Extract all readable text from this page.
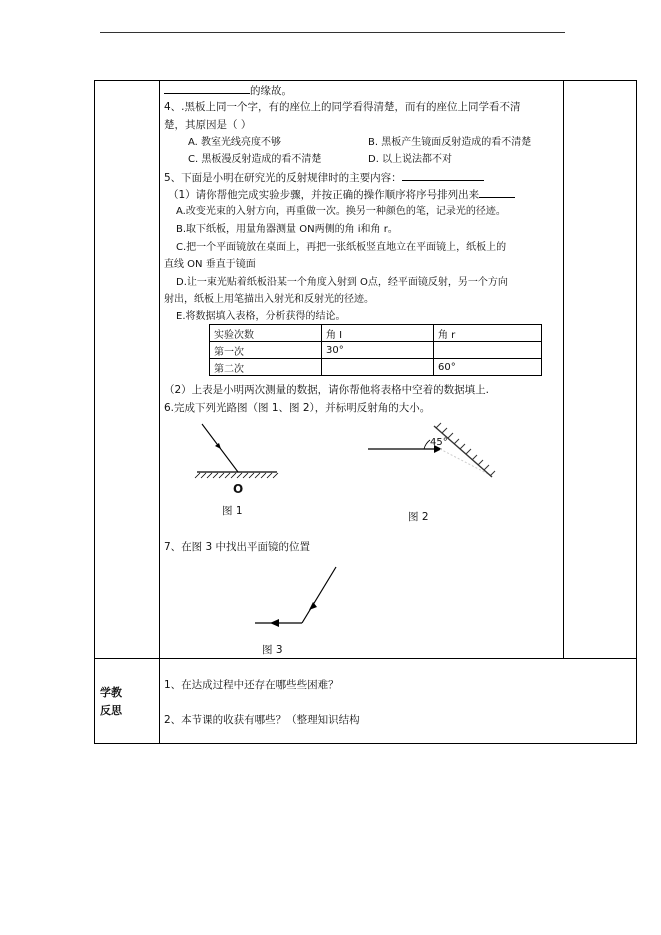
的缘故。
4、.黑板上同一个字，有的座位上的同学看得清楚，而有的座位上同学看不清
楚，其原因是（ ）
A. 教室光线亮度不够	B. 黑板产生镜面反射造成的看不清楚
C. 黑板漫反射造成的看不清楚	D. 以上说法都不对
5、下面是小明在研究光的反射规律时的主要内容：
（1）请你帮他完成实验步骤，并按正确的操作顺序将序号排列出来
A.改变光束的入射方向，再重做一次。换另一种颜色的笔，记录光的径迹。
B.取下纸板，用量角器测量 ON两侧的角 i和角 r。
C.把一个平面镜放在桌面上，再把一张纸板竖直地立在平面镜上，纸板上的
直线 ON 垂直于镜面
D.让一束光贴着纸板沿某一个角度入射到 O点，经平面镜反射，另一个方向
射出，纸板上用笔描出入射光和反射光的径迹。
E.将数据填入表格，分析获得的结论。
实验次数	角 I	角 r
第一次	30°	
第二次		60°
（2）上表是小明两次测量的数据，请你帮他将表格中空着的数据填上.
6.完成下列光路图（图 1、图 2），并标明反射角的大小。
O
图 1
45°
图 2
7、在图 3 中找出平面镜的位置
图 3
学教
反思
1、在达成过程中还存在哪些些困难？
2、本节课的收获有哪些？（整理知识结构
